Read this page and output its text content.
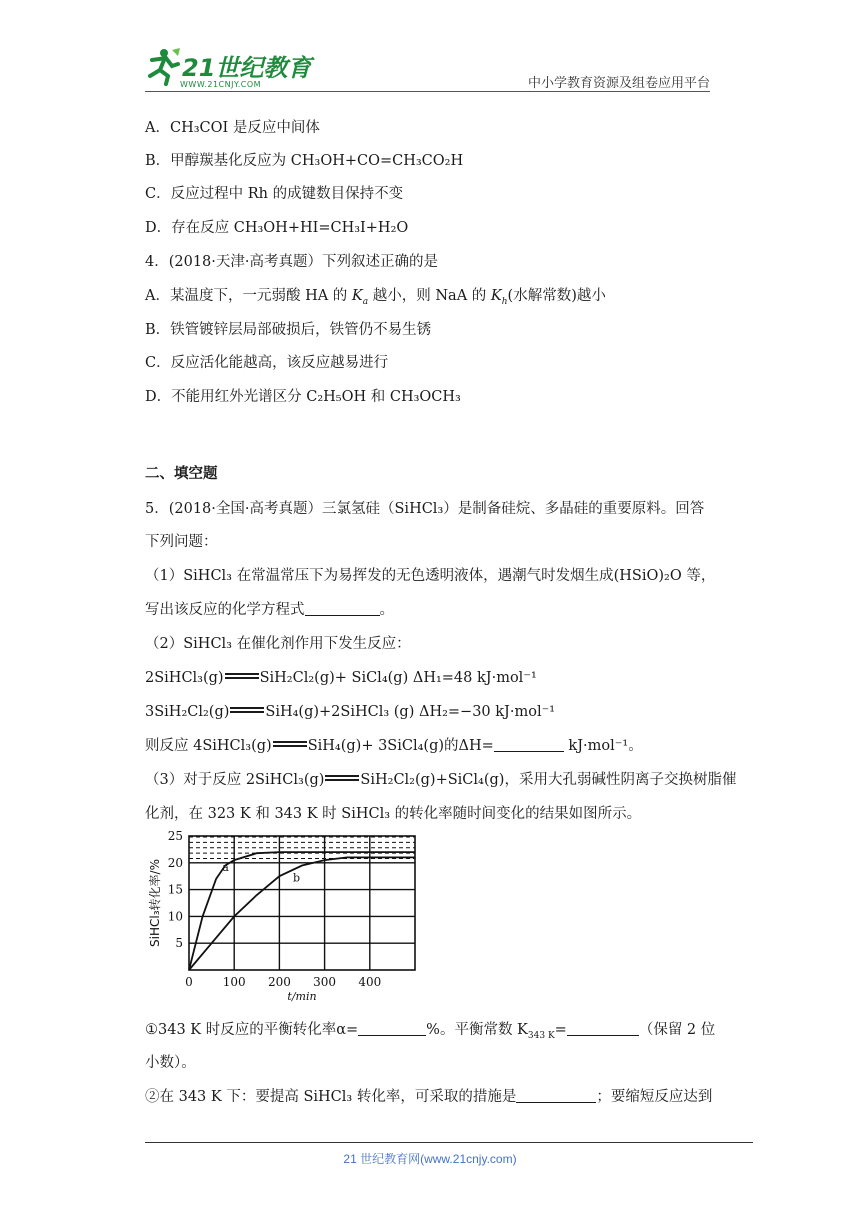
21世纪教育
WWW.21CNJY.COM	中小学教育资源及组卷应用平台
A．CH₃COI 是反应中间体
B．甲醇羰基化反应为 CH₃OH+CO=CH₃CO₂H
C．反应过程中 Rh 的成键数目保持不变
D．存在反应 CH₃OH+HI=CH₃I+H₂O
4．(2018·天津·高考真题）下列叙述正确的是
A．某温度下，一元弱酸 HA 的 $K_a$ 越小，则 NaA 的 $K_h$(水解常数)越小
B．铁管镀锌层局部破损后，铁管仍不易生锈
C．反应活化能越高，该反应越易进行
D．不能用红外光谱区分 C₂H₅OH 和 CH₃OCH₃
二、填空题
5．(2018·全国·高考真题）三氯氢硅（SiHCl₃）是制备硅烷、多晶硅的重要原料。回答
下列问题：
（1）SiHCl₃ 在常温常压下为易挥发的无色透明液体，遇潮气时发烟生成(HSiO)₂O 等，
写出该反应的化学方程式	。
（2）SiHCl₃ 在催化剂作用下发生反应：
2SiHCl₃(g) SiH₂Cl₂(g)+ SiCl₄(g) ΔH₁=48 kJ·mol⁻¹
3SiH₂Cl₂(g) SiH₄(g)+2SiHCl₃ (g) ΔH₂=−30 kJ·mol⁻¹
则反应 4SiHCl₃(g) SiH₄(g)+ 3SiCl₄(g)的ΔH=	kJ·mol⁻¹。
（3）对于反应 2SiHCl₃(g) SiH₂Cl₂(g)+SiCl₄(g)，采用大孔弱碱性阴离子交换树脂催
化剂，在 323 K 和 343 K 时 SiHCl₃ 的转化率随时间变化的结果如图所示。
a
b
5
10
15
20
25
0 100 200 300 400
t/min
SiHCl₃转化率/%
①343 K 时反应的平衡转化率α=	%。平衡常数 $K_{343 K}=$	（保留 2 位
小数）。
②在 343 K 下：要提高 SiHCl₃ 转化率，可采取的措施是	；要缩短反应达到
21 世纪教育网(www.21cnjy.com)
